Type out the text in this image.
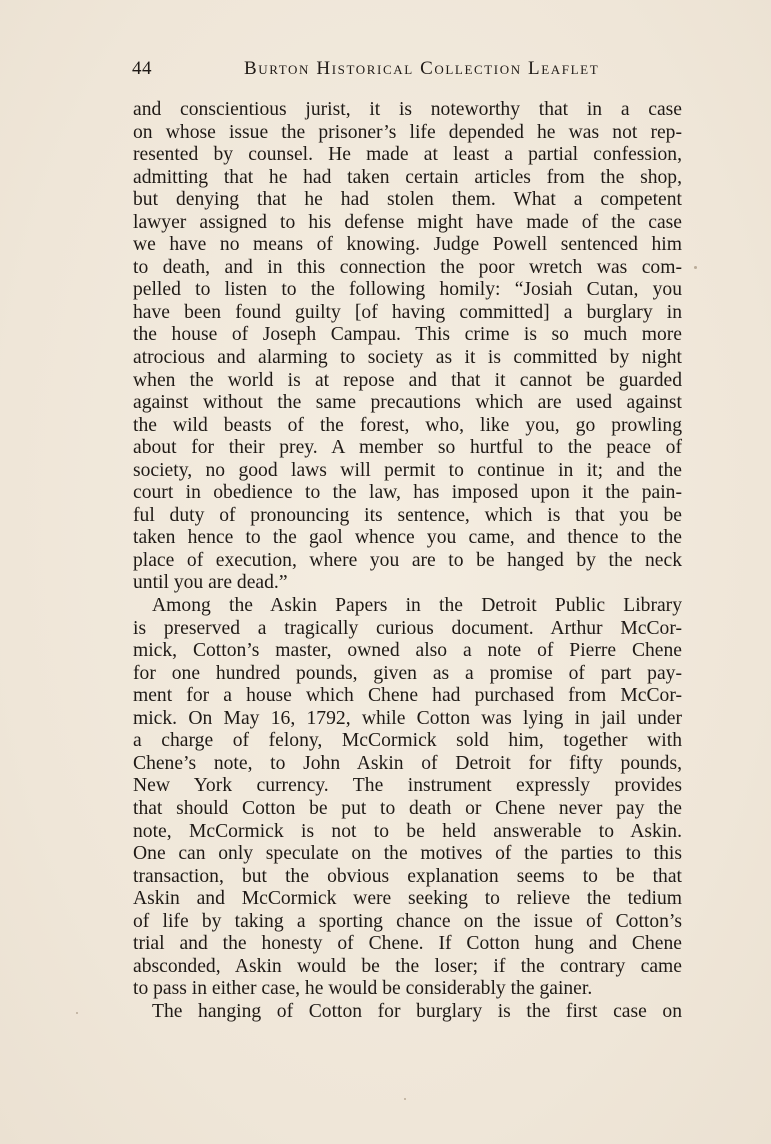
44	Burton Historical Collection Leaflet
and conscientious jurist, it is noteworthy that in a case
on whose issue the prisoner’s life depended he was not rep-
resented by counsel. He made at least a partial confession,
admitting that he had taken certain articles from the shop,
but denying that he had stolen them. What a competent
lawyer assigned to his defense might have made of the case
we have no means of knowing. Judge Powell sentenced him
to death, and in this connection the poor wretch was com-
pelled to listen to the following homily: “Josiah Cutan, you
have been found guilty [of having committed] a burglary in
the house of Joseph Campau. This crime is so much more
atrocious and alarming to society as it is committed by night
when the world is at repose and that it cannot be guarded
against without the same precautions which are used against
the wild beasts of the forest, who, like you, go prowling
about for their prey. A member so hurtful to the peace of
society, no good laws will permit to continue in it; and the
court in obedience to the law, has imposed upon it the pain-
ful duty of pronouncing its sentence, which is that you be
taken hence to the gaol whence you came, and thence to the
place of execution, where you are to be hanged by the neck
until you are dead.”
Among the Askin Papers in the Detroit Public Library
is preserved a tragically curious document. Arthur McCor-
mick, Cotton’s master, owned also a note of Pierre Chene
for one hundred pounds, given as a promise of part pay-
ment for a house which Chene had purchased from McCor-
mick. On May 16, 1792, while Cotton was lying in jail under
a charge of felony, McCormick sold him, together with
Chene’s note, to John Askin of Detroit for fifty pounds,
New York currency. The instrument expressly provides
that should Cotton be put to death or Chene never pay the
note, McCormick is not to be held answerable to Askin.
One can only speculate on the motives of the parties to this
transaction, but the obvious explanation seems to be that
Askin and McCormick were seeking to relieve the tedium
of life by taking a sporting chance on the issue of Cotton’s
trial and the honesty of Chene. If Cotton hung and Chene
absconded, Askin would be the loser; if the contrary came
to pass in either case, he would be considerably the gainer.
The hanging of Cotton for burglary is the first case on
